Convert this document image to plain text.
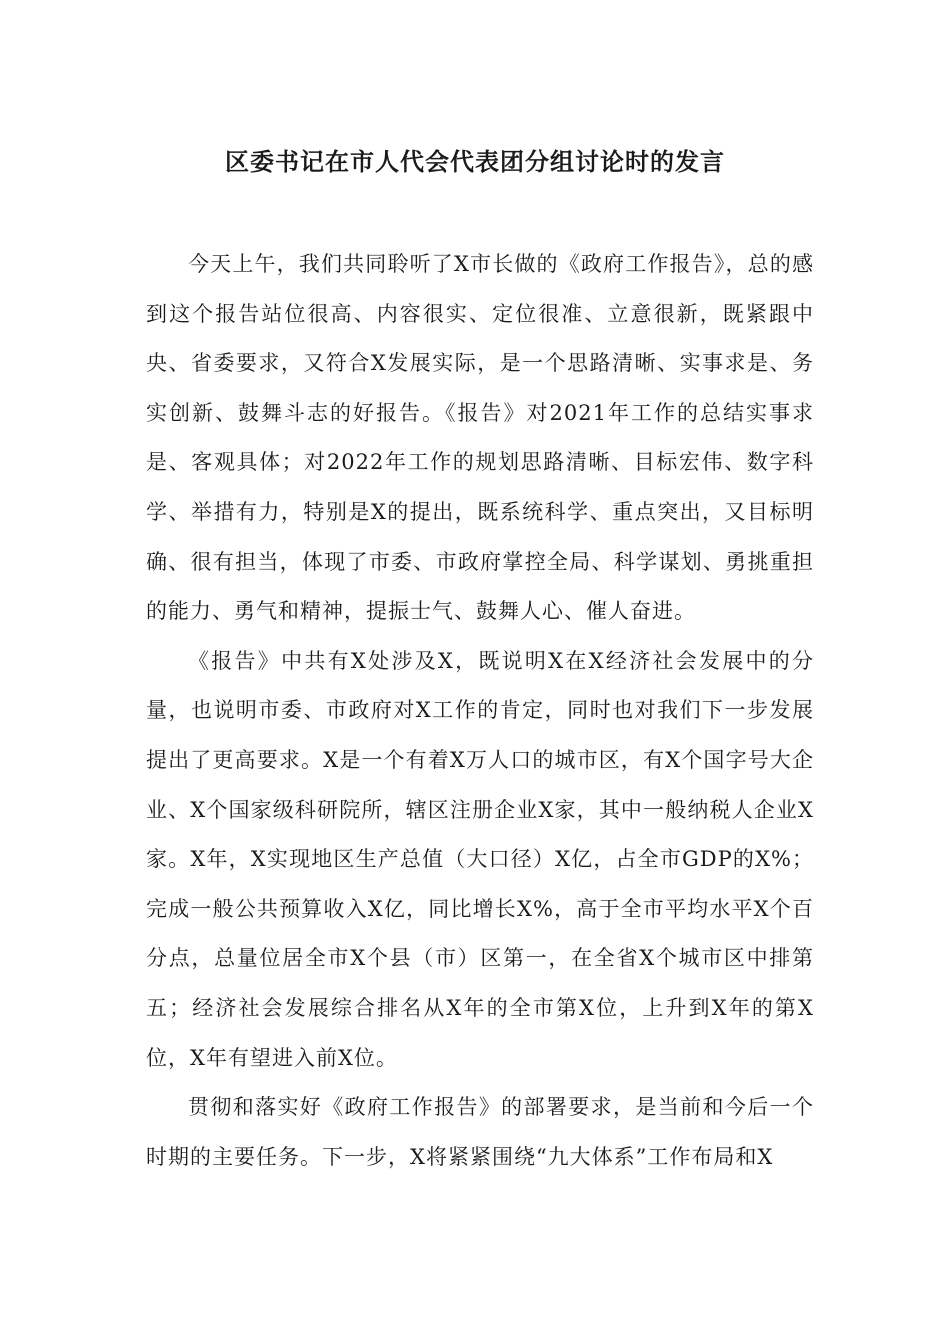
区委书记在市人代会代表团分组讨论时的发言

今天上午，我们共同聆听了X市长做的《政府工作报告》，总的感到这个报告站位很高、内容很实、定位很准、立意很新，既紧跟中央、省委要求，又符合X发展实际，是一个思路清晰、实事求是、务实创新、鼓舞斗志的好报告。《报告》对2021年工作的总结实事求是、客观具体；对2022年工作的规划思路清晰、目标宏伟、数字科学、举措有力，特别是X的提出，既系统科学、重点突出，又目标明确、很有担当，体现了市委、市政府掌控全局、科学谋划、勇挑重担的能力、勇气和精神，提振士气、鼓舞人心、催人奋进。

《报告》中共有X处涉及X，既说明X在X经济社会发展中的分量，也说明市委、市政府对X工作的肯定，同时也对我们下一步发展提出了更高要求。X是一个有着X万人口的城市区，有X个国字号大企业、X个国家级科研院所，辖区注册企业X家，其中一般纳税人企业X家。X年，X实现地区生产总值（大口径）X亿，占全市GDP的X%；完成一般公共预算收入X亿，同比增长X%，高于全市平均水平X个百分点，总量位居全市X个县（市）区第一，在全省X个城市区中排第五；经济社会发展综合排名从X年的全市第X位，上升到X年的第X位，X年有望进入前X位。

贯彻和落实好《政府工作报告》的部署要求，是当前和今后一个时期的主要任务。下一步，X将紧紧围绕“九大体系”工作布局和X
